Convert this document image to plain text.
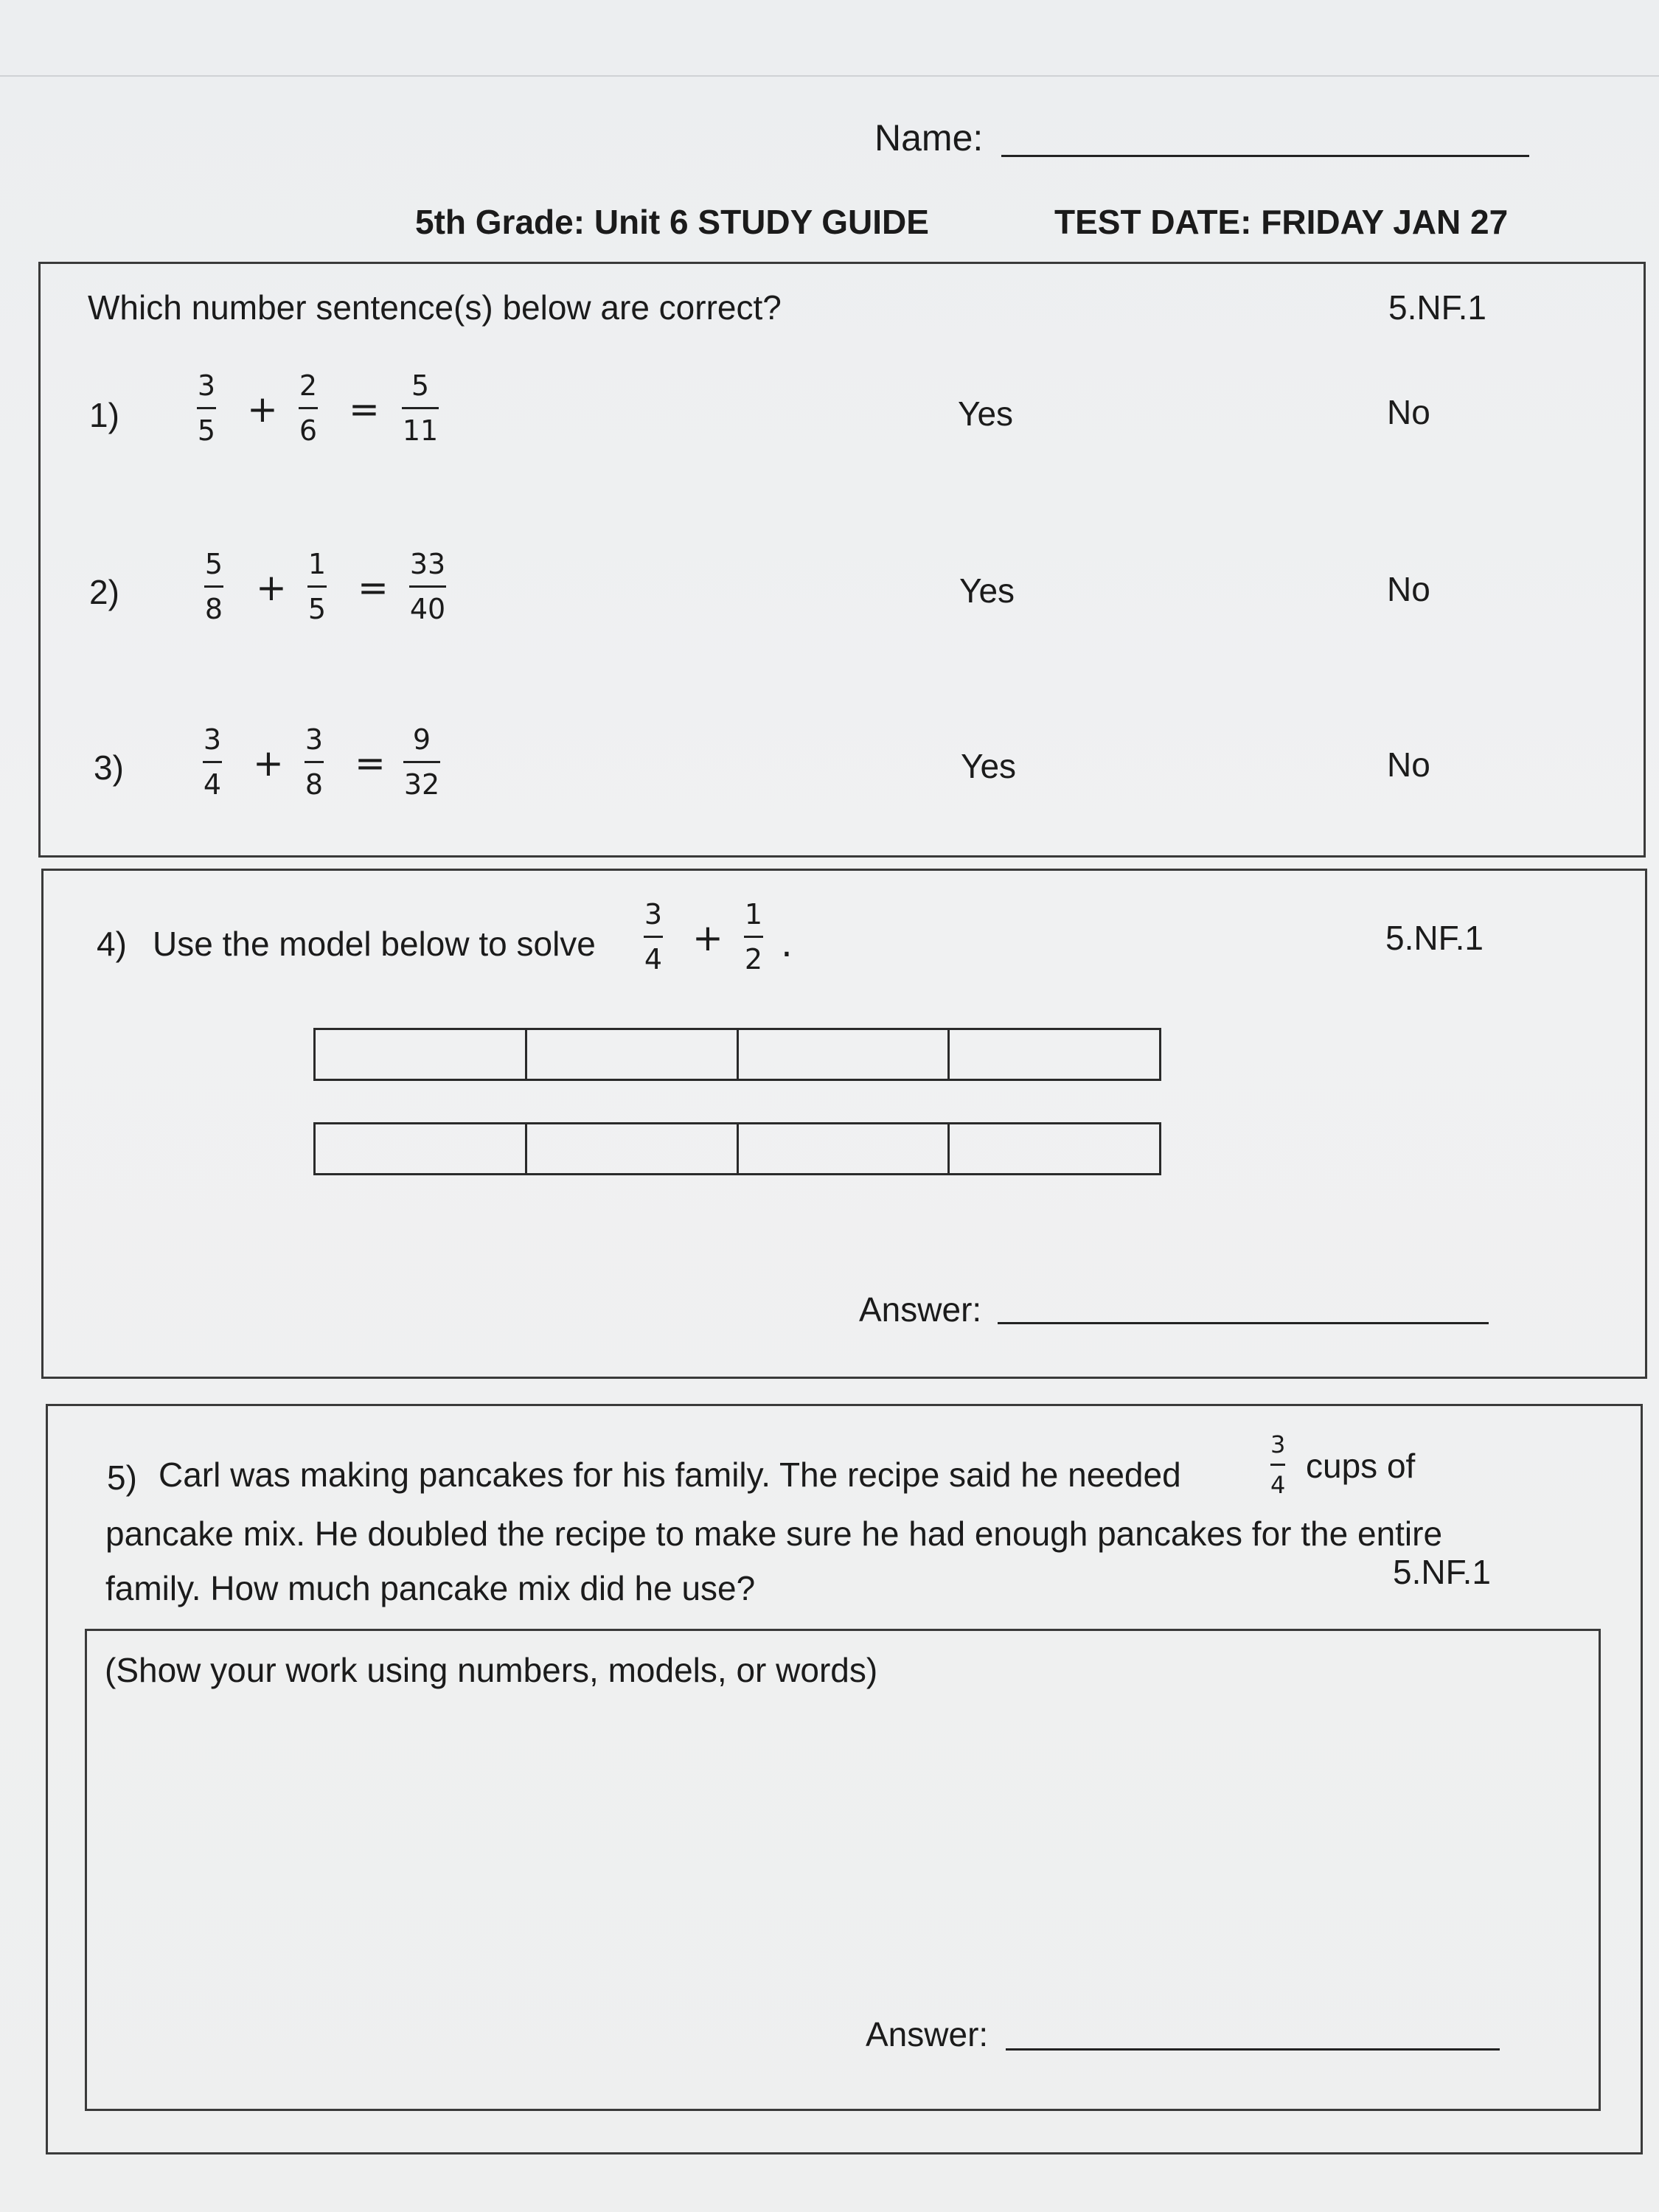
Name:
5th Grade: Unit 6 STUDY GUIDE	TEST DATE: FRIDAY JAN 27
Which number sentence(s) below are correct?	5.NF.1
1)
3
5 +
2
6 =
5
11	Yes	No
2)
5
8 +
1
5 =
33
40	Yes	No
3)
3
4 +
3
8 =
9
32	Yes	No
4) Use the model below to solve
3
4 +
1
2 .	5.NF.1
Answer:
5) Carl was making pancakes for his family. The recipe said he needed
3
4 cups of
pancake mix. He doubled the recipe to make sure he had enough pancakes for the entire
family. How much pancake mix did he use?	5.NF.1
(Show your work using numbers, models, or words)
Answer:
